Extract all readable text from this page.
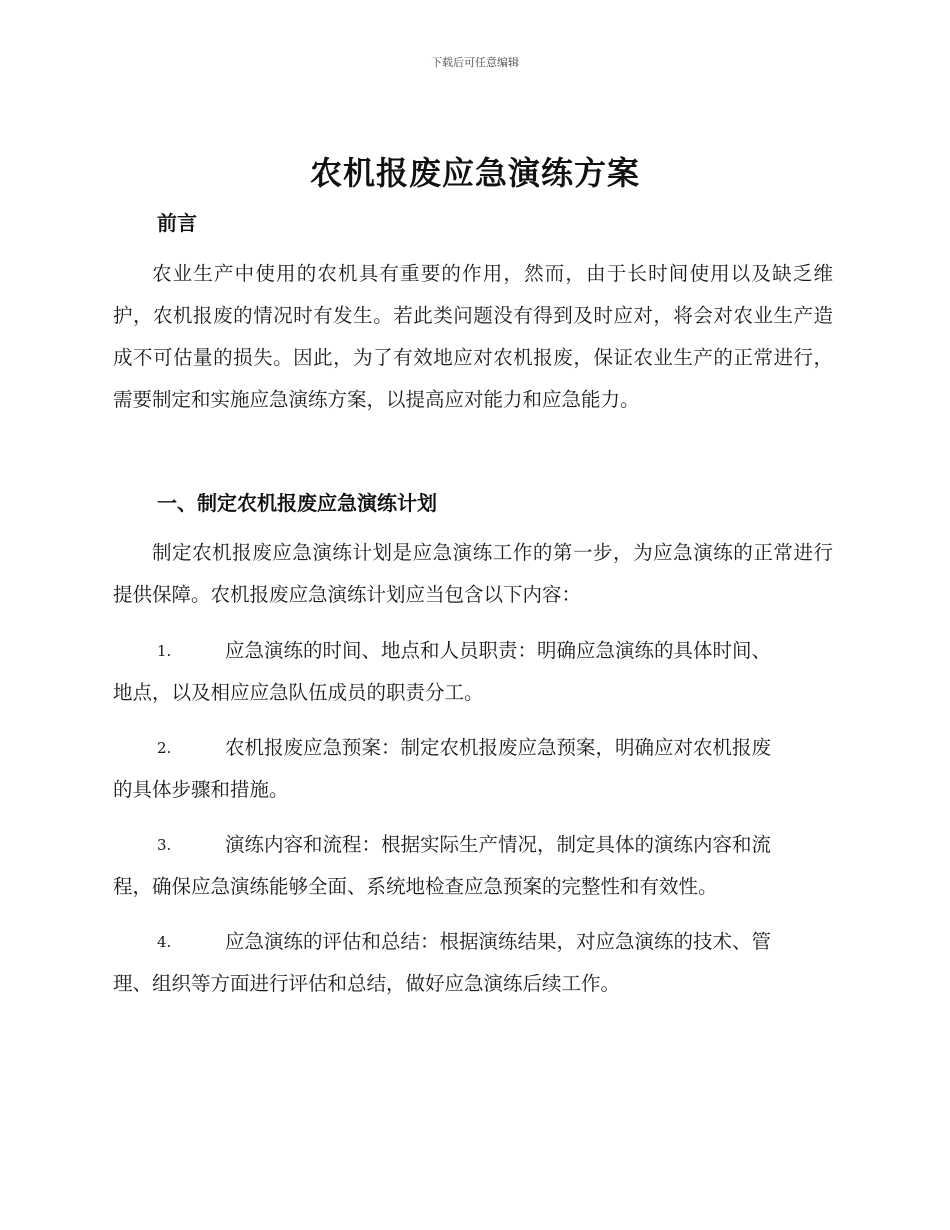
下载后可任意编辑
农机报废应急演练方案
前言
农业生产中使用的农机具有重要的作用，然而，由于长时间使用以及缺乏维护，农机报废的情况时有发生。若此类问题没有得到及时应对，将会对农业生产造成不可估量的损失。因此，为了有效地应对农机报废，保证农业生产的正常进行，需要制定和实施应急演练方案，以提高应对能力和应急能力。
一、制定农机报废应急演练计划
制定农机报废应急演练计划是应急演练工作的第一步，为应急演练的正常进行提供保障。农机报废应急演练计划应当包含以下内容：
1.	应急演练的时间、地点和人员职责：明确应急演练的具体时间、
地点，以及相应应急队伍成员的职责分工。
2.	农机报废应急预案：制定农机报废应急预案，明确应对农机报废
的具体步骤和措施。
3.	演练内容和流程：根据实际生产情况，制定具体的演练内容和流
程，确保应急演练能够全面、系统地检查应急预案的完整性和有效性。
4.	应急演练的评估和总结：根据演练结果，对应急演练的技术、管
理、组织等方面进行评估和总结，做好应急演练后续工作。
